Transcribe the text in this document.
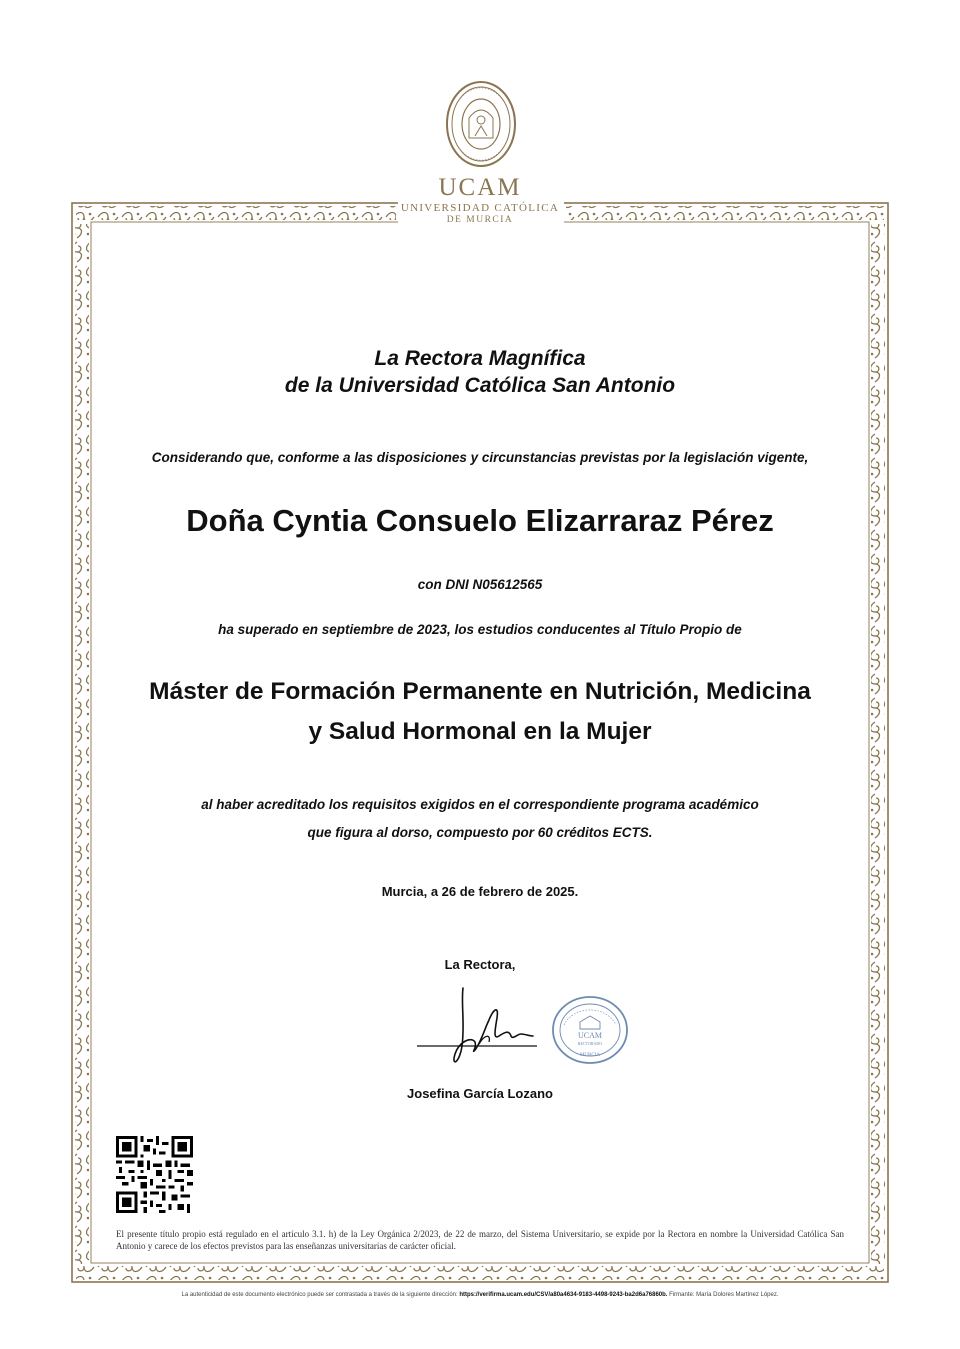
UCAM
UNIVERSIDAD CATÓLICA
DE MURCIA
La Rectora Magnífica
de la Universidad Católica San Antonio
Considerando que, conforme a las disposiciones y circunstancias previstas por la legislación vigente,
Doña Cyntia Consuelo Elizarraraz Pérez
con DNI N05612565
ha superado en septiembre de 2023, los estudios conducentes al Título Propio de
Máster de Formación Permanente en Nutrición, Medicina
y Salud Hormonal en la Mujer
al haber acreditado los requisitos exigidos en el correspondiente programa académico
que figura al dorso, compuesto por 60 créditos ECTS.
Murcia, a 26 de febrero de 2025.
La Rectora,
UCAM
RECTORADO
MURCIA
Josefina García Lozano
El presente título propio está regulado en el artículo 3.1. h) de la Ley Orgánica 2/2023, de 22 de marzo, del Sistema Universitario, se expide por la Rectora en nombre la Universidad Católica San Antonio y carece de los efectos previstos para las enseñanzas universitarias de carácter oficial.
La autenticidad de este documento electrónico puede ser contrastada a través de la siguiente dirección: https://verifirma.ucam.edu/CSV/a80a4634-9183-4498-9243-ba2d6a76860b. Firmante: María Dolores Martínez López.
